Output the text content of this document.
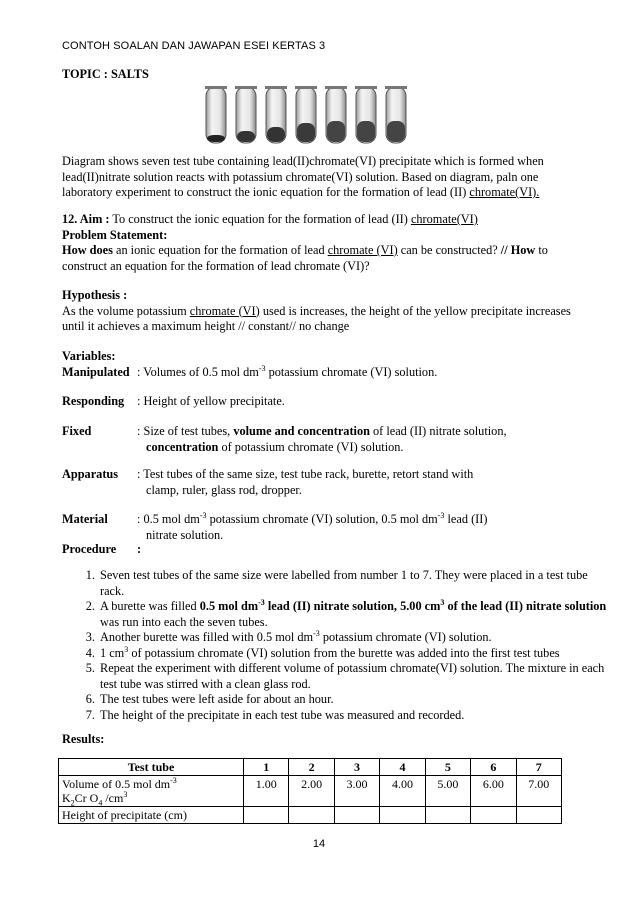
CONTOH SOALAN DAN JAWAPAN ESEI KERTAS 3
TOPIC : SALTS
Diagram shows seven test tube containing lead(II)chromate(VI) precipitate which is formed when lead(II)nitrate solution reacts with potassium chromate(VI) solution. Based on diagram, paln one laboratory experiment to construct the ionic equation for the formation of lead (II) chromate(VI).
12. Aim : To construct the ionic equation for the formation of lead (II) chromate(VI)
Problem Statement:
How does an ionic equation for the formation of lead chromate (VI) can be constructed? // How to construct an equation for the formation of lead chromate (VI)?
Hypothesis :
As the volume potassium chromate (VI) used is increases, the height of the yellow precipitate increases until it achieves a maximum height // constant// no change
Variables:
Manipulated : Volumes of 0.5 mol $dm^{-3}$ potassium chromate (VI) solution.
Responding : Height of yellow precipitate.
Fixed	: Size of test tubes, volume and concentration of lead (II) nitrate solution,
concentration of potassium chromate (VI) solution.
Apparatus : Test tubes of the same size, test tube rack, burette, retort stand with
clamp, ruler, glass rod, dropper.
Material : 0.5 mol $dm^{-3}$ potassium chromate (VI) solution, 0.5 mol $dm^{-3}$ lead (II)
nitrate solution.
Procedure :
1. Seven test tubes of the same size were labelled from number 1 to 7. They were placed in a test tube rack.
2. A burette was filled 0.5 mol $dm^{-3}$ lead (II) nitrate solution, 5.00 $cm^3$ of the lead (II) nitrate solution was run into each the seven tubes.
3. Another burette was filled with 0.5 mol $dm^{-3}$ potassium chromate (VI) solution.
4. 1 $cm^3$ of potassium chromate (VI) solution from the burette was added into the first test tubes
5. Repeat the experiment with different volume of potassium chromate(VI) solution. The mixture in each test tube was stirred with a clean glass rod.
6. The test tubes were left aside for about an hour.
7. The height of the precipitate in each test tube was measured and recorded.
Results:
Test tube	1	2	3	4	5	6	7
Volume of 0.5 mol $dm^{-3}$
$K_2Cr$ $O_4$ $/cm^3$	1.00	2.00	3.00	4.00	5.00	6.00	7.00
Height of precipitate (cm)							
14
